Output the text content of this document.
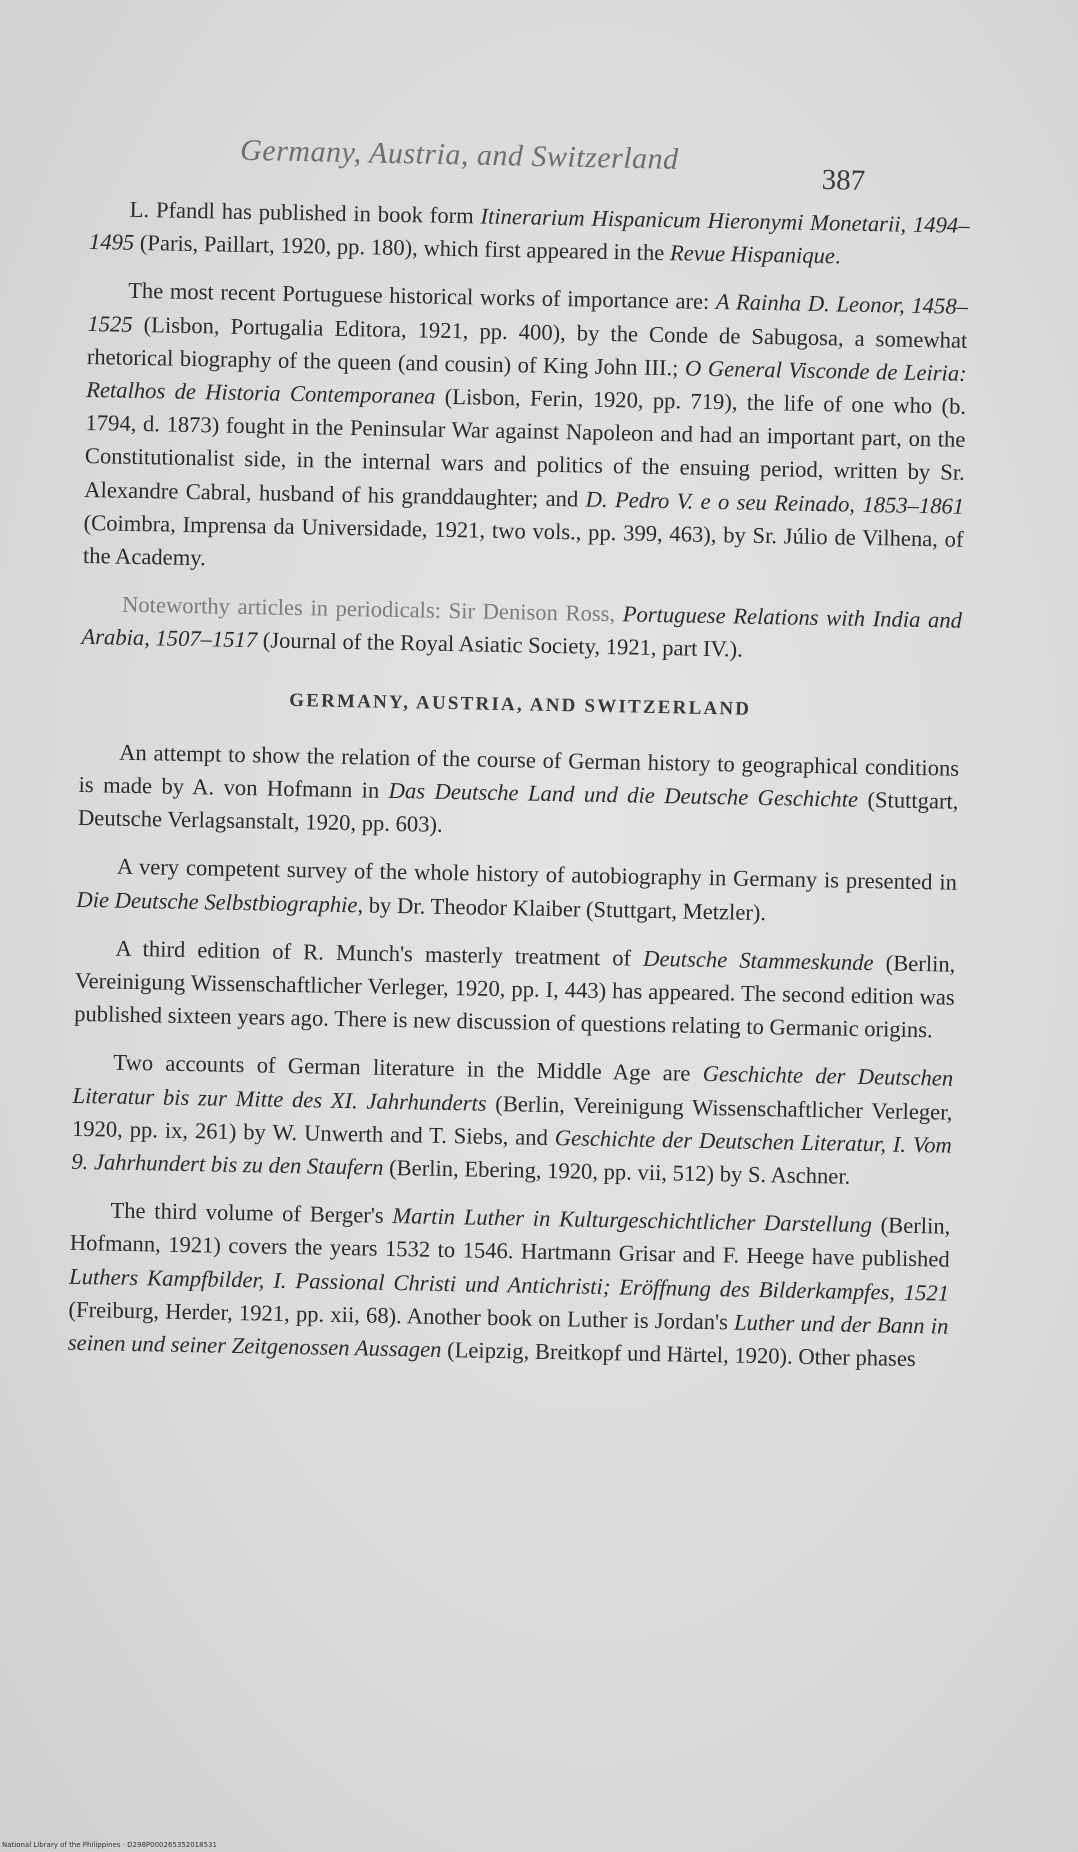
Germany, Austria, and Switzerland
387

L. Pfandl has published in book form Itinerarium Hispanicum Hieronymi Monetarii, 1494–1495 (Paris, Paillart, 1920, pp. 180), which first appeared in the Revue Hispanique.

The most recent Portuguese historical works of importance are: A Rainha D. Leonor, 1458–1525 (Lisbon, Portugalia Editora, 1921, pp. 400), by the Conde de Sabugosa, a somewhat rhetorical biography of the queen (and cousin) of King John III.; O General Visconde de Leiria: Retalhos de Historia Contemporanea (Lisbon, Ferin, 1920, pp. 719), the life of one who (b. 1794, d. 1873) fought in the Peninsular War against Napoleon and had an important part, on the Constitutionalist side, in the internal wars and politics of the ensuing period, written by Sr. Alexandre Cabral, husband of his granddaughter; and D. Pedro V. e o seu Reinado, 1853–1861 (Coimbra, Imprensa da Universidade, 1921, two vols., pp. 399, 463), by Sr. Júlio de Vilhena, of the Academy.

Noteworthy articles in periodicals: Sir Denison Ross, Portuguese Relations with India and Arabia, 1507–1517 (Journal of the Royal Asiatic Society, 1921, part IV.).

GERMANY, AUSTRIA, AND SWITZERLAND

An attempt to show the relation of the course of German history to geographical conditions is made by A. von Hofmann in Das Deutsche Land und die Deutsche Geschichte (Stuttgart, Deutsche Verlagsanstalt, 1920, pp. 603).

A very competent survey of the whole history of autobiography in Germany is presented in Die Deutsche Selbstbiographie, by Dr. Theodor Klaiber (Stuttgart, Metzler).

A third edition of R. Munch's masterly treatment of Deutsche Stammeskunde (Berlin, Vereinigung Wissenschaftlicher Verleger, 1920, pp. I, 443) has appeared. The second edition was published sixteen years ago. There is new discussion of questions relating to Germanic origins.

Two accounts of German literature in the Middle Age are Geschichte der Deutschen Literatur bis zur Mitte des XI. Jahrhunderts (Berlin, Vereinigung Wissenschaftlicher Verleger, 1920, pp. ix, 261) by W. Unwerth and T. Siebs, and Geschichte der Deutschen Literatur, I. Vom 9. Jahrhundert bis zu den Staufern (Berlin, Ebering, 1920, pp. vii, 512) by S. Aschner.

The third volume of Berger's Martin Luther in Kulturgeschichtlicher Darstellung (Berlin, Hofmann, 1921) covers the years 1532 to 1546. Hartmann Grisar and F. Heege have published Luthers Kampfbilder, I. Passional Christi und Antichristi; Eröffnung des Bilderkampfes, 1521 (Freiburg, Herder, 1921, pp. xii, 68). Another book on Luther is Jordan's Luther und der Bann in seinen und seiner Zeitgenossen Aussagen (Leipzig, Breitkopf und Härtel, 1920). Other phases

National Library of the Philippines · D298P000265352018531
